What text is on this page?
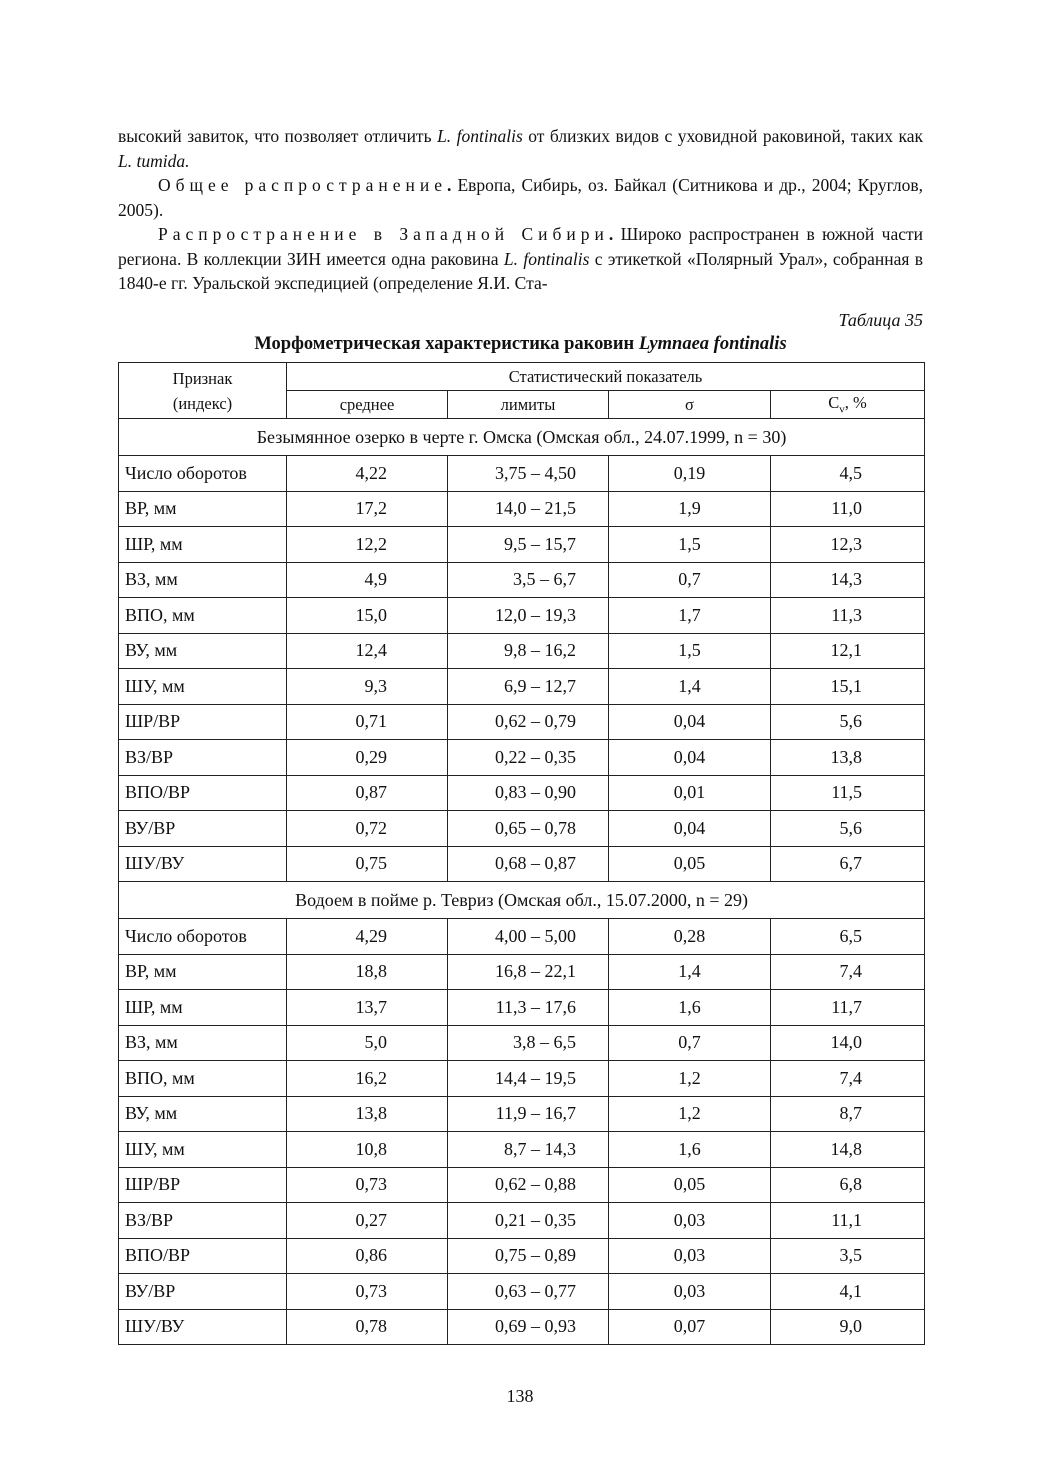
высокий завиток, что позволяет отличить L. fontinalis от близких видов с уховидной раковиной, таких как L. tumida.

Общее распространение. Европа, Сибирь, оз. Байкал (Ситникова и др., 2004; Круглов, 2005).

Распространение в Западной Сибири. Широко распространен в южной части региона. В коллекции ЗИН имеется одна раковина L. fontinalis с этикеткой «Полярный Урал», собранная в 1840-е гг. Уральской экспедицией (определение Я.И. Ста-

Таблица 35
Морфометрическая характеристика раковин Lymnaea fontinalis
Признак
(индекс)	Статистический показатель			
	среднее	лимиты	σ	$C_v$, %
Безымянное озерко в черте г. Омска (Омская обл., 24.07.1999, n = 30)				
Число оборотов	4,22	3,75 – 4,50	0,19	4,5
ВР, мм	17,2	14,0 – 21,5	1,9	11,0
ШР, мм	12,2	9,5 – 15,7	1,5	12,3
ВЗ, мм	4,9	3,5 – 6,7	0,7	14,3
ВПО, мм	15,0	12,0 – 19,3	1,7	11,3
ВУ, мм	12,4	9,8 – 16,2	1,5	12,1
ШУ, мм	9,3	6,9 – 12,7	1,4	15,1
ШР/ВР	0,71	0,62 – 0,79	0,04	5,6
ВЗ/ВР	0,29	0,22 – 0,35	0,04	13,8
ВПО/ВР	0,87	0,83 – 0,90	0,01	11,5
ВУ/ВР	0,72	0,65 – 0,78	0,04	5,6
ШУ/ВУ	0,75	0,68 – 0,87	0,05	6,7
Водоем в пойме р. Тевриз (Омская обл., 15.07.2000, n = 29)				
Число оборотов	4,29	4,00 – 5,00	0,28	6,5
ВР, мм	18,8	16,8 – 22,1	1,4	7,4
ШР, мм	13,7	11,3 – 17,6	1,6	11,7
ВЗ, мм	5,0	3,8 – 6,5	0,7	14,0
ВПО, мм	16,2	14,4 – 19,5	1,2	7,4
ВУ, мм	13,8	11,9 – 16,7	1,2	8,7
ШУ, мм	10,8	8,7 – 14,3	1,6	14,8
ШР/ВР	0,73	0,62 – 0,88	0,05	6,8
ВЗ/ВР	0,27	0,21 – 0,35	0,03	11,1
ВПО/ВР	0,86	0,75 – 0,89	0,03	3,5
ВУ/ВР	0,73	0,63 – 0,77	0,03	4,1
ШУ/ВУ	0,78	0,69 – 0,93	0,07	9,0
138
